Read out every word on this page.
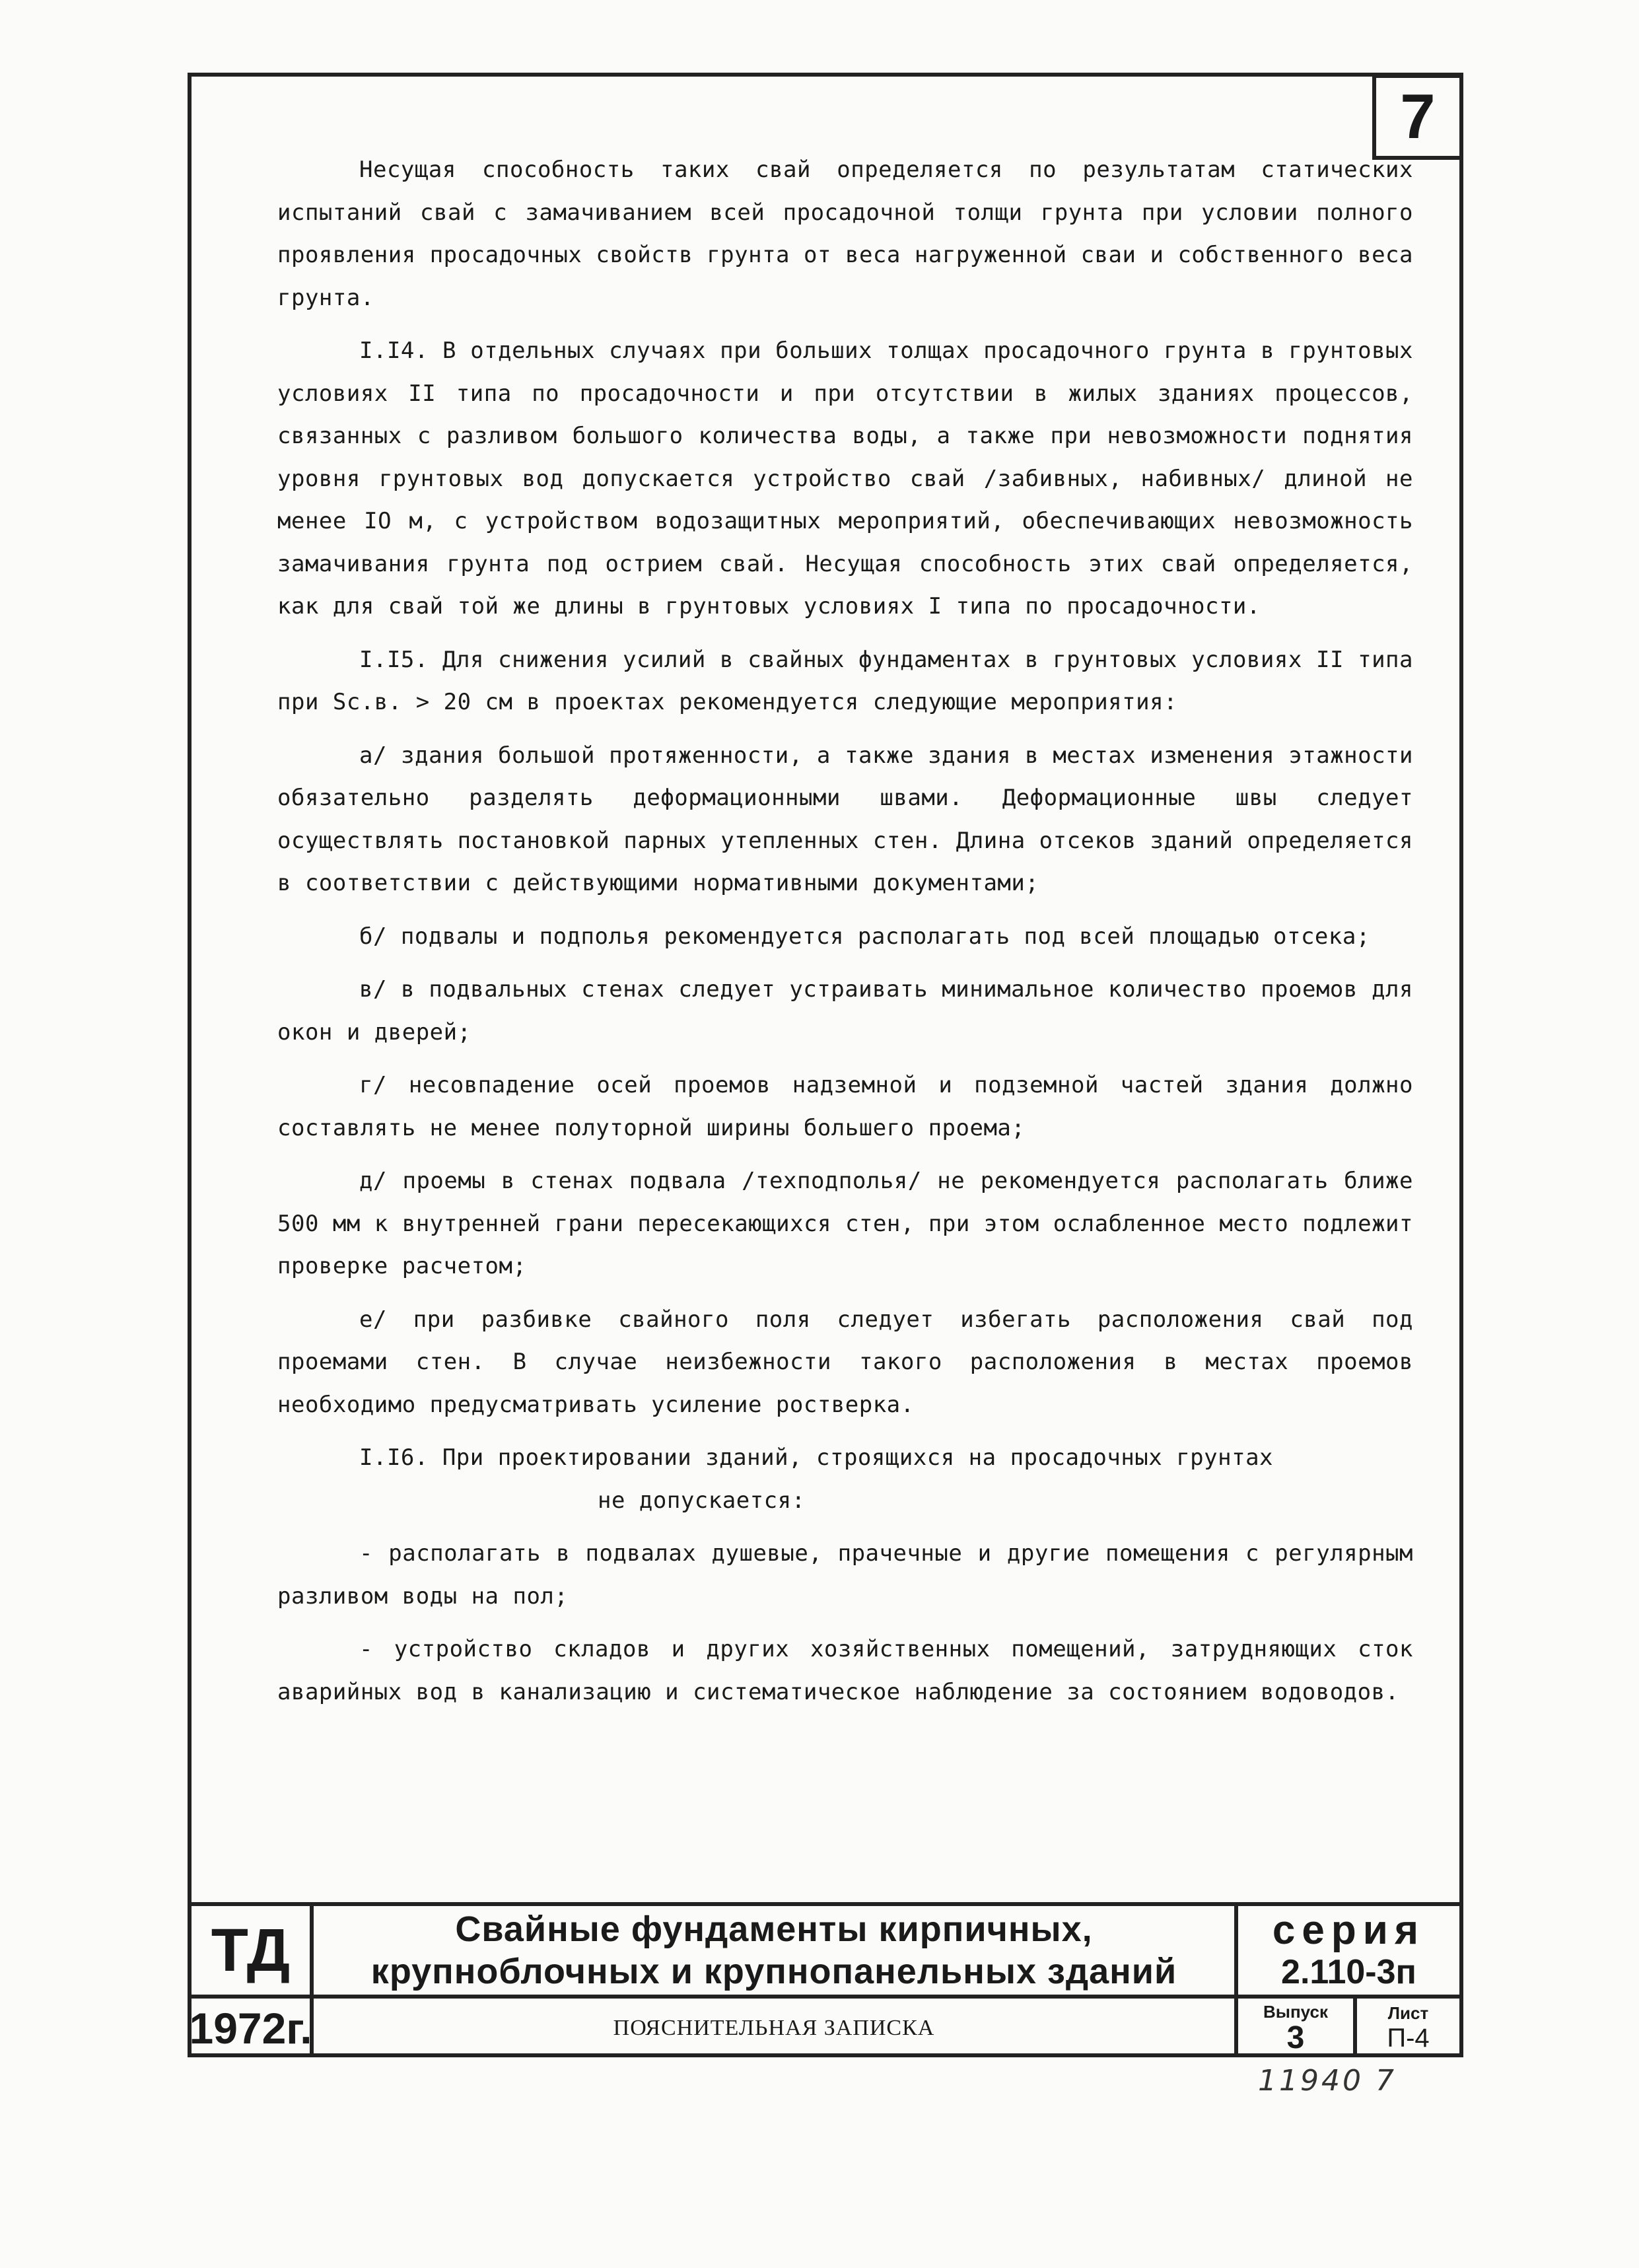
7

Несущая способность таких свай определяется по результатам статических испытаний свай с замачиванием всей просадочной толщи грунта при условии полного проявления просадочных свойств грунта от веса нагруженной сваи и собственного веса грунта.

I.I4. В отдельных случаях при больших толщах просадочного грунта в грунтовых условиях II типа по просадочности и при отсутствии в жилых зданиях процессов, связанных с разливом большого количества воды, а также при невозможности поднятия уровня грунтовых вод допускается устройство свай /забивных, набивных/ длиной не менее IO м, с устройством водозащитных мероприятий, обеспечивающих невозможность замачивания грунта под острием свай. Несущая способность этих свай определяется, как для свай той же длины в грунтовых условиях I типа по просадочности.

I.I5. Для снижения усилий в свайных фундаментах в грунтовых условиях II типа при Sс.в. > 20 см в проектах рекомендуется следующие мероприятия:

а/ здания большой протяженности, а также здания в местах изменения этажности обязательно разделять деформационными швами. Деформационные швы следует осуществлять постановкой парных утепленных стен. Длина отсеков зданий определяется в соответствии с действующими нормативными документами;

б/ подвалы и подполья рекомендуется располагать под всей площадью отсека;

в/ в подвальных стенах следует устраивать минимальное количество проемов для окон и дверей;

г/ несовпадение осей проемов надземной и подземной частей здания должно составлять не менее полуторной ширины большего проема;

д/ проемы в стенах подвала /техподполья/ не рекомендуется располагать ближе 500 мм к внутренней грани пересекающихся стен, при этом ослабленное место подлежит проверке расчетом;

е/ при разбивке свайного поля следует избегать расположения свай под проемами стен. В случае неизбежности такого расположения в местах проемов необходимо предусматривать усиление ростверка.

I.I6. При проектировании зданий, строящихся на просадочных грунтах

не допускается:

- располагать в подвалах душевые, прачечные и другие помещения с регулярным разливом воды на пол;

- устройство складов и других хозяйственных помещений, затрудняющих сток аварийных вод в канализацию и систематическое наблюдение за состоянием водоводов.

ТД
1972г.
Свайные фундаменты кирпичных,
крупноблочных и крупнопанельных зданий
ПОЯСНИТЕЛЬНАЯ ЗАПИСКА
серия
2.110-3п
Выпуск
3
Лист
П-4
11940 7
